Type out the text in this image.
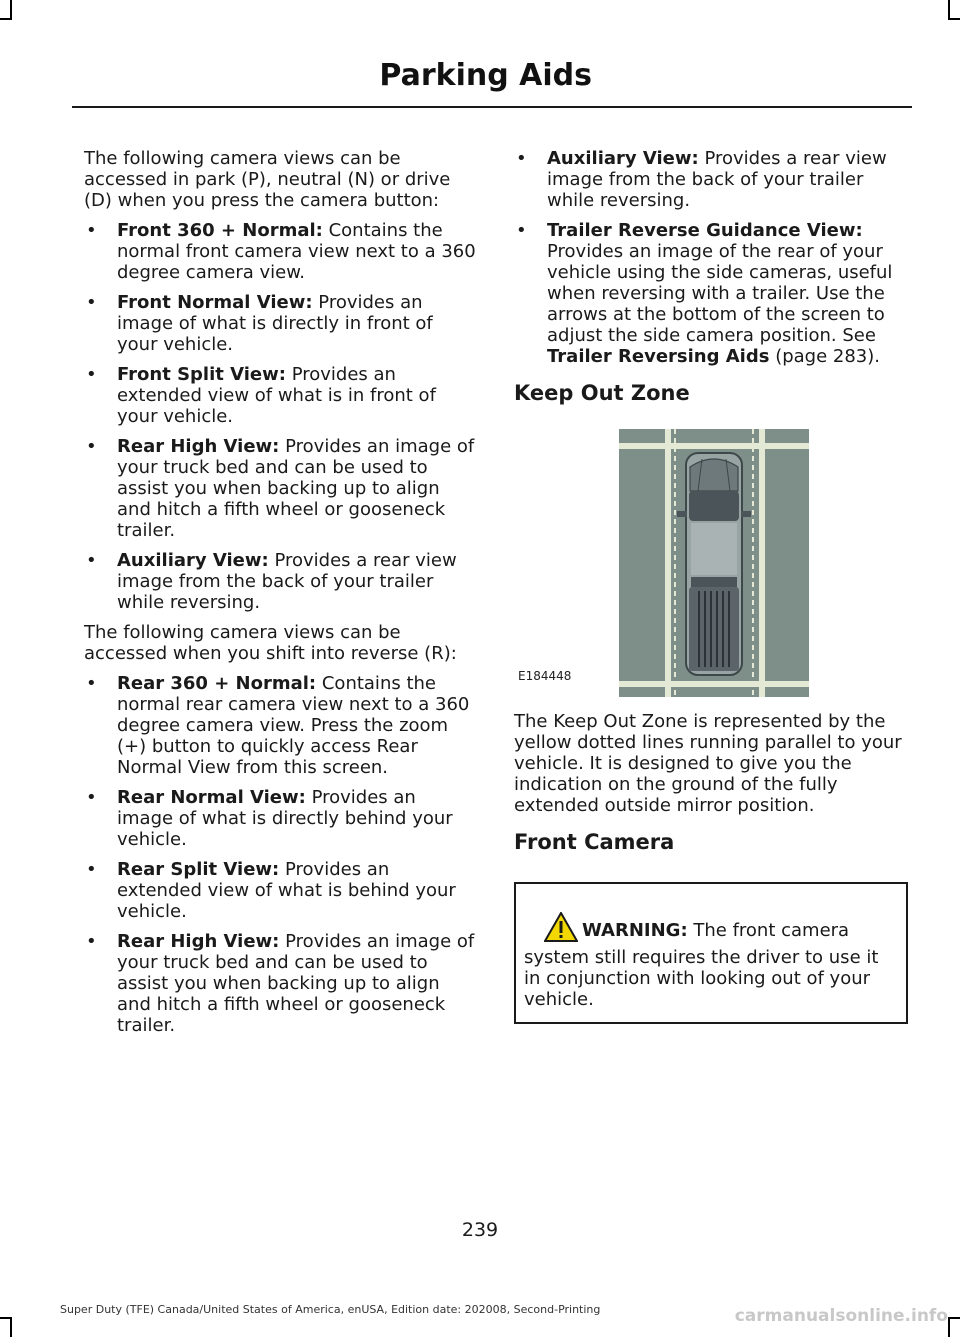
Parking Aids

The following camera views can be accessed in park (P), neutral (N) or drive (D) when you press the camera button:

• Front 360 + Normal: Contains the normal front camera view next to a 360 degree camera view.
• Front Normal View: Provides an image of what is directly in front of your vehicle.
• Front Split View: Provides an extended view of what is in front of your vehicle.
• Rear High View: Provides an image of your truck bed and can be used to assist you when backing up to align and hitch a fifth wheel or gooseneck trailer.
• Auxiliary View: Provides a rear view image from the back of your trailer while reversing.

The following camera views can be accessed when you shift into reverse (R):

• Rear 360 + Normal: Contains the normal rear camera view next to a 360 degree camera view. Press the zoom (+) button to quickly access Rear Normal View from this screen.
• Rear Normal View: Provides an image of what is directly behind your vehicle.
• Rear Split View: Provides an extended view of what is behind your vehicle.
• Rear High View: Provides an image of your truck bed and can be used to assist you when backing up to align and hitch a fifth wheel or gooseneck trailer.
• Auxiliary View: Provides a rear view image from the back of your trailer while reversing.
• Trailer Reverse Guidance View: Provides an image of the rear of your vehicle using the side cameras, useful when reversing with a trailer. Use the arrows at the bottom of the screen to adjust the side camera position. See Trailer Reversing Aids (page 283).
Keep Out Zone
E184448

The Keep Out Zone is represented by the yellow dotted lines running parallel to your vehicle. It is designed to give you the indication on the ground of the fully extended outside mirror position.

Front Camera
WARNING: The front camera system still requires the driver to use it in conjunction with looking out of your vehicle.
239
Super Duty (TFE) Canada/United States of America, enUSA, Edition date: 202008, Second-Printing	carmanualsonline.info
